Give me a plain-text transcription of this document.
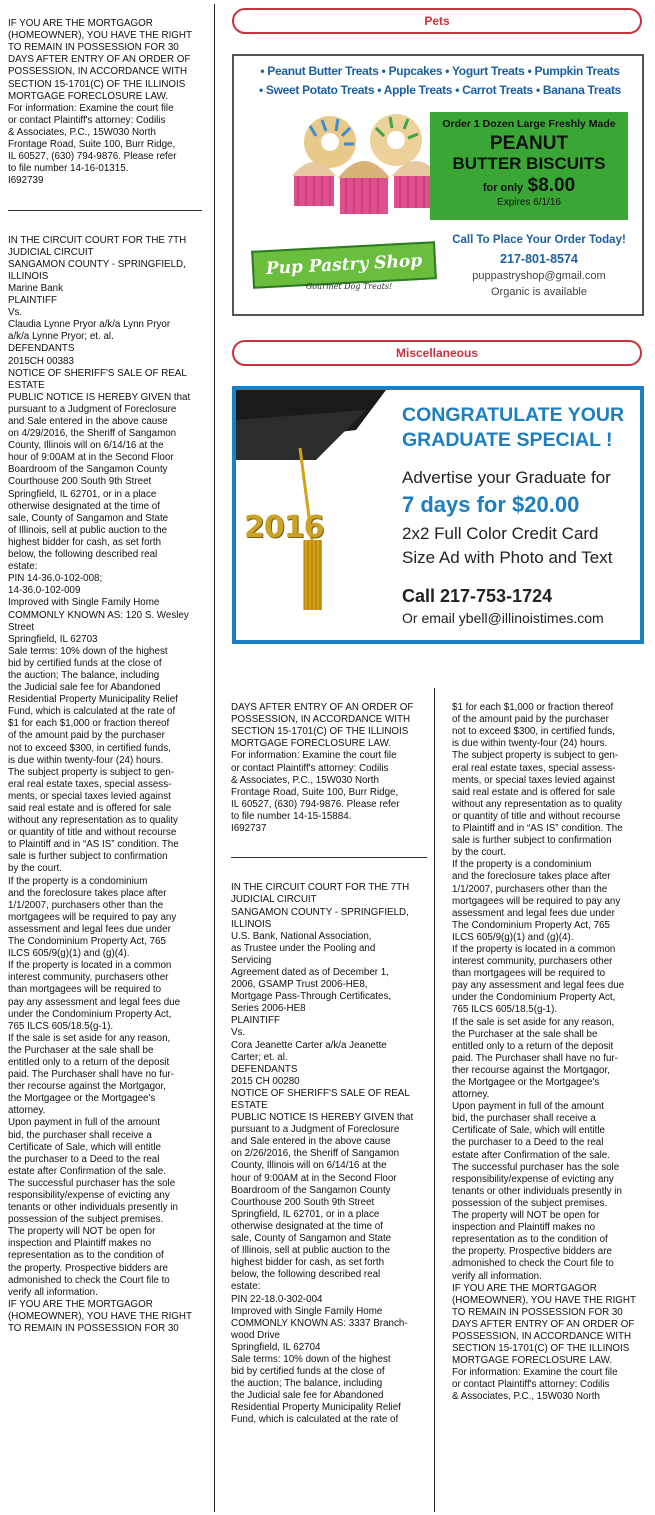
IF YOU ARE THE MORTGAGOR
(HOMEOWNER), YOU HAVE THE RIGHT
TO REMAIN IN POSSESSION FOR 30
DAYS AFTER ENTRY OF AN ORDER OF
POSSESSION, IN ACCORDANCE WITH
SECTION 15-1701(C) OF THE ILLINOIS
MORTGAGE FORECLOSURE LAW.
For information: Examine the court file
or contact Plaintiff's attorney: Codilis
& Associates, P.C., 15W030 North
Frontage Road, Suite 100, Burr Ridge,
IL 60527, (630) 794-9876. Please refer
to file number 14-16-01315.
I692739

IN THE CIRCUIT COURT FOR THE 7TH
JUDICIAL CIRCUIT
SANGAMON COUNTY - SPRINGFIELD,
ILLINOIS
Marine Bank
PLAINTIFF
Vs.
Claudia Lynne Pryor a/k/a Lynn Pryor
a/k/a Lynne Pryor; et. al.
DEFENDANTS
2015CH 00383
NOTICE OF SHERIFF'S SALE OF REAL
ESTATE
PUBLIC NOTICE IS HEREBY GIVEN that
pursuant to a Judgment of Foreclosure
and Sale entered in the above cause
on 4/29/2016, the Sheriff of Sangamon
County, Illinois will on 6/14/16 at the
hour of 9:00AM at in the Second Floor
Boardroom of the Sangamon County
Courthouse 200 South 9th Street
Springfield, IL 62701, or in a place
otherwise designated at the time of
sale, County of Sangamon and State
of Illinois, sell at public auction to the
highest bidder for cash, as set forth
below, the following described real
estate:
PIN 14-36.0-102-008;
14-36.0-102-009
Improved with Single Family Home
COMMONLY KNOWN AS: 120 S. Wesley
Street
Springfield, IL 62703
Sale terms: 10% down of the highest
bid by certified funds at the close of
the auction; The balance, including
the Judicial sale fee for Abandoned
Residential Property Municipality Relief
Fund, which is calculated at the rate of
$1 for each $1,000 or fraction thereof
of the amount paid by the purchaser
not to exceed $300, in certified funds,
is due within twenty-four (24) hours.
The subject property is subject to gen-
eral real estate taxes, special assess-
ments, or special taxes levied against
said real estate and is offered for sale
without any representation as to quality
or quantity of title and without recourse
to Plaintiff and in “AS IS” condition. The
sale is further subject to confirmation
by the court.
If the property is a condominium
and the foreclosure takes place after
1/1/2007, purchasers other than the
mortgagees will be required to pay any
assessment and legal fees due under
The Condominium Property Act, 765
ILCS 605/9(g)(1) and (g)(4).
If the property is located in a common
interest community, purchasers other
than mortgagees will be required to
pay any assessment and legal fees due
under the Condominium Property Act,
765 ILCS 605/18.5(g-1).
If the sale is set aside for any reason,
the Purchaser at the sale shall be
entitled only to a return of the deposit
paid. The Purchaser shall have no fur-
ther recourse against the Mortgagor,
the Mortgagee or the Mortgagee's
attorney.
Upon payment in full of the amount
bid, the purchaser shall receive a
Certificate of Sale, which will entitle
the purchaser to a Deed to the real
estate after Confirmation of the sale.
The successful purchaser has the sole
responsibility/expense of evicting any
tenants or other individuals presently in
possession of the subject premises.
The property will NOT be open for
inspection and Plaintiff makes no
representation as to the condition of
the property. Prospective bidders are
admonished to check the Court file to
verify all information.
IF YOU ARE THE MORTGAGOR
(HOMEOWNER), YOU HAVE THE RIGHT
TO REMAIN IN POSSESSION FOR 30

Pets
• Peanut Butter Treats • Pupcakes • Yogurt Treats • Pumpkin Treats
• Sweet Potato Treats • Apple Treats • Carrot Treats • Banana Treats
Order 1 Dozen Large Freshly Made
PEANUT
BUTTER BISCUITS
for only $8.00
Expires 6/1/16
Pup Pastry Shop
Gourmet Dog Treats!
Call To Place Your Order Today!
217-801-8574
puppastryshop@gmail.com
Organic is available
Miscellaneous
2016
CONGRATULATE YOUR
GRADUATE SPECIAL !
Advertise your Graduate for
7 days for $20.00
2x2 Full Color Credit Card
Size Ad with Photo and Text
Call 217-753-1724
Or email ybell@illinoistimes.com

DAYS AFTER ENTRY OF AN ORDER OF
POSSESSION, IN ACCORDANCE WITH
SECTION 15-1701(C) OF THE ILLINOIS
MORTGAGE FORECLOSURE LAW.
For information: Examine the court file
or contact Plaintiff's attorney: Codilis
& Associates, P.C., 15W030 North
Frontage Road, Suite 100, Burr Ridge,
IL 60527, (630) 794-9876. Please refer
to file number 14-15-15884.
I692737

IN THE CIRCUIT COURT FOR THE 7TH
JUDICIAL CIRCUIT
SANGAMON COUNTY - SPRINGFIELD,
ILLINOIS
U.S. Bank, National Association,
as Trustee under the Pooling and
Servicing
Agreement dated as of December 1,
2006, GSAMP Trust 2006-HE8,
Mortgage Pass-Through Certificates,
Series 2006-HE8
PLAINTIFF
Vs.
Cora Jeanette Carter a/k/a Jeanette
Carter; et. al.
DEFENDANTS
2015 CH 00280
NOTICE OF SHERIFF'S SALE OF REAL
ESTATE
PUBLIC NOTICE IS HEREBY GIVEN that
pursuant to a Judgment of Foreclosure
and Sale entered in the above cause
on 2/26/2016, the Sheriff of Sangamon
County, Illinois will on 6/14/16 at the
hour of 9:00AM at in the Second Floor
Boardroom of the Sangamon County
Courthouse 200 South 9th Street
Springfield, IL 62701, or in a place
otherwise designated at the time of
sale, County of Sangamon and State
of Illinois, sell at public auction to the
highest bidder for cash, as set forth
below, the following described real
estate:
PIN 22-18.0-302-004
Improved with Single Family Home
COMMONLY KNOWN AS: 3337 Branch-
wood Drive
Springfield, IL 62704
Sale terms: 10% down of the highest
bid by certified funds at the close of
the auction; The balance, including
the Judicial sale fee for Abandoned
Residential Property Municipality Relief
Fund, which is calculated at the rate of

$1 for each $1,000 or fraction thereof
of the amount paid by the purchaser
not to exceed $300, in certified funds,
is due within twenty-four (24) hours.
The subject property is subject to gen-
eral real estate taxes, special assess-
ments, or special taxes levied against
said real estate and is offered for sale
without any representation as to quality
or quantity of title and without recourse
to Plaintiff and in “AS IS” condition. The
sale is further subject to confirmation
by the court.
If the property is a condominium
and the foreclosure takes place after
1/1/2007, purchasers other than the
mortgagees will be required to pay any
assessment and legal fees due under
The Condominium Property Act, 765
ILCS 605/9(g)(1) and (g)(4).
If the property is located in a common
interest community, purchasers other
than mortgagees will be required to
pay any assessment and legal fees due
under the Condominium Property Act,
765 ILCS 605/18.5(g-1).
If the sale is set aside for any reason,
the Purchaser at the sale shall be
entitled only to a return of the deposit
paid. The Purchaser shall have no fur-
ther recourse against the Mortgagor,
the Mortgagee or the Mortgagee's
attorney.
Upon payment in full of the amount
bid, the purchaser shall receive a
Certificate of Sale, which will entitle
the purchaser to a Deed to the real
estate after Confirmation of the sale.
The successful purchaser has the sole
responsibility/expense of evicting any
tenants or other individuals presently in
possession of the subject premises.
The property will NOT be open for
inspection and Plaintiff makes no
representation as to the condition of
the property. Prospective bidders are
admonished to check the Court file to
verify all information.
IF YOU ARE THE MORTGAGOR
(HOMEOWNER), YOU HAVE THE RIGHT
TO REMAIN IN POSSESSION FOR 30
DAYS AFTER ENTRY OF AN ORDER OF
POSSESSION, IN ACCORDANCE WITH
SECTION 15-1701(C) OF THE ILLINOIS
MORTGAGE FORECLOSURE LAW.
For information: Examine the court file
or contact Plaintiff's attorney: Codilis
& Associates, P.C., 15W030 North
